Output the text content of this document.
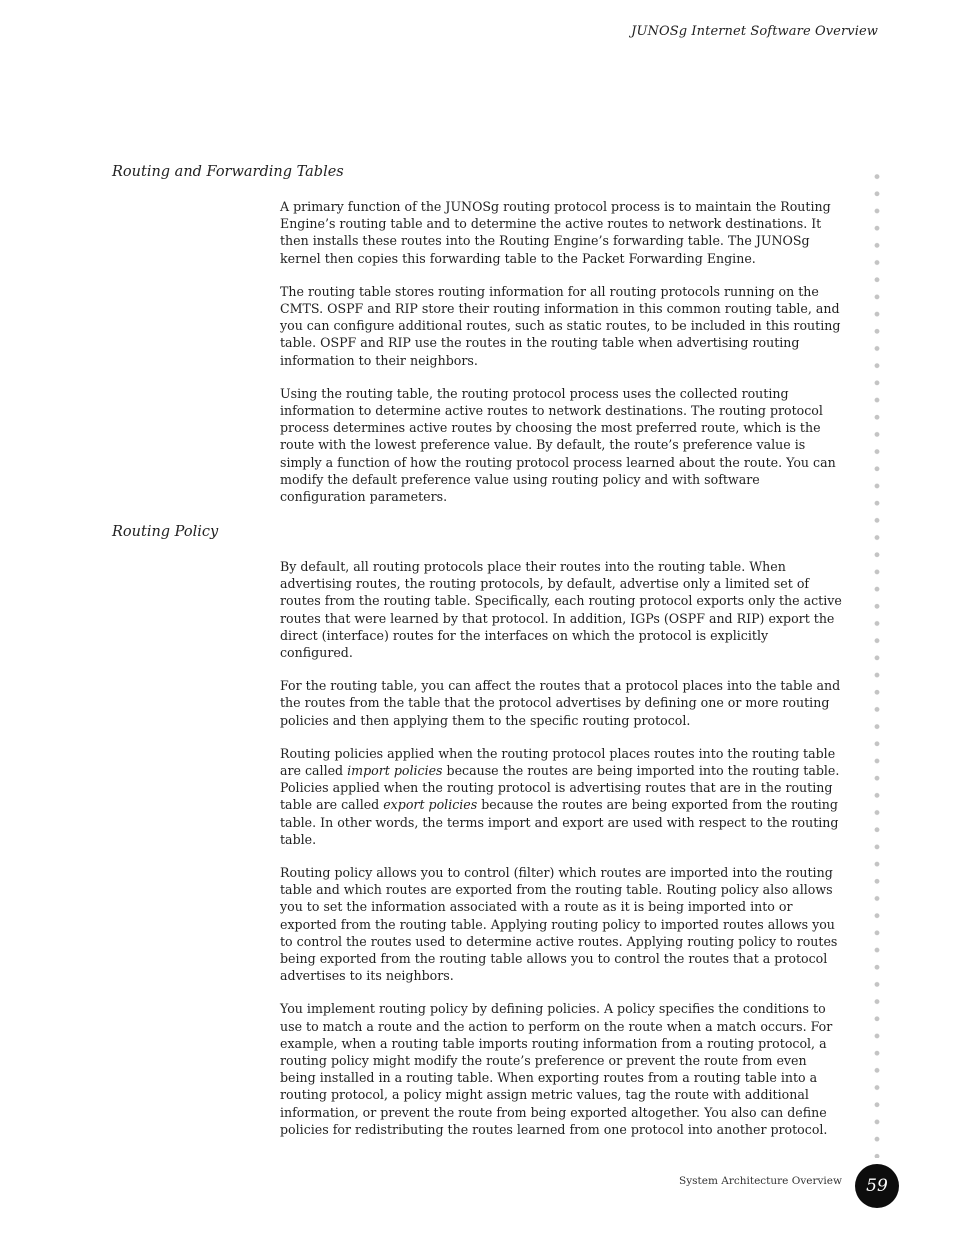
JUNOSg Internet Software Overview
Routing and Forwarding Tables

A primary function of the JUNOSg routing protocol process is to maintain the Routing Engine’s routing table and to determine the active routes to network destinations. It then installs these routes into the Routing Engine’s forwarding table. The JUNOSg kernel then copies this forwarding table to the Packet Forwarding Engine.

The routing table stores routing information for all routing protocols running on the CMTS. OSPF and RIP store their routing information in this common routing table, and you can configure additional routes, such as static routes, to be included in this routing table. OSPF and RIP use the routes in the routing table when advertising routing information to their neighbors.

Using the routing table, the routing protocol process uses the collected routing information to determine active routes to network destinations. The routing protocol process determines active routes by choosing the most preferred route, which is the route with the lowest preference value. By default, the route’s preference value is simply a function of how the routing protocol process learned about the route. You can modify the default preference value using routing policy and with software configuration parameters.

Routing Policy

By default, all routing protocols place their routes into the routing table. When advertising routes, the routing protocols, by default, advertise only a limited set of routes from the routing table. Specifically, each routing protocol exports only the active routes that were learned by that protocol. In addition, IGPs (OSPF and RIP) export the direct (interface) routes for the interfaces on which the protocol is explicitly configured.

For the routing table, you can affect the routes that a protocol places into the table and the routes from the table that the protocol advertises by defining one or more routing policies and then applying them to the specific routing protocol.

Routing policies applied when the routing protocol places routes into the routing table are called import policies because the routes are being imported into the routing table. Policies applied when the routing protocol is advertising routes that are in the routing table are called export policies because the routes are being exported from the routing table. In other words, the terms import and export are used with respect to the routing table.

Routing policy allows you to control (filter) which routes are imported into the routing table and which routes are exported from the routing table. Routing policy also allows you to set the information associated with a route as it is being imported into or exported from the routing table. Applying routing policy to imported routes allows you to control the routes used to determine active routes. Applying routing policy to routes being exported from the routing table allows you to control the routes that a protocol advertises to its neighbors.

You implement routing policy by defining policies. A policy specifies the conditions to use to match a route and the action to perform on the route when a match occurs. For example, when a routing table imports routing information from a routing protocol, a routing policy might modify the route’s preference or prevent the route from even being installed in a routing table. When exporting routes from a routing table into a routing protocol, a policy might assign metric values, tag the route with additional information, or prevent the route from being exported altogether. You also can define policies for redistributing the routes learned from one protocol into another protocol.

System Architecture Overview 59
